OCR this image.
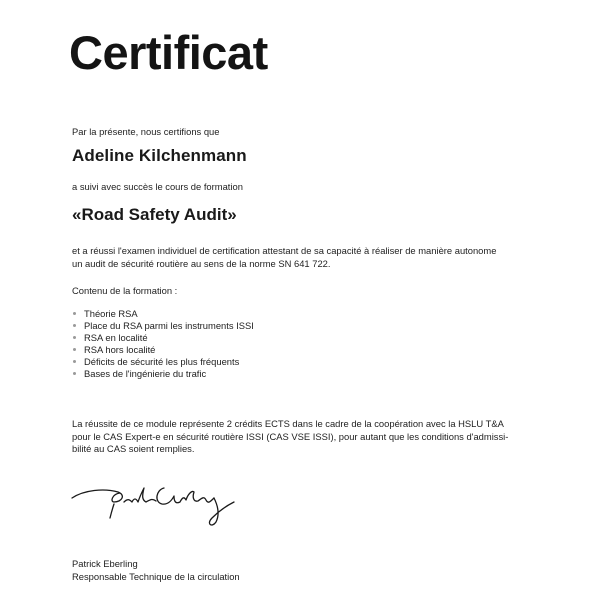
Certificat
Par la présente, nous certifions que
Adeline Kilchenmann
a suivi avec succès le cours de formation
«Road Safety Audit»
et a réussi l'examen individuel de certification attestant de sa capacité à réaliser de manière autonome
un audit de sécurité routière au sens de la norme SN 641 722.
Contenu de la formation :
Théorie RSA
Place du RSA parmi les instruments ISSI
RSA en localité
RSA hors localité
Déficits de sécurité les plus fréquents
Bases de l'ingénierie du trafic
La réussite de ce module représente 2 crédits ECTS dans le cadre de la coopération avec la HSLU T&A
pour le CAS Expert-e en sécurité routière ISSI (CAS VSE ISSI), pour autant que les conditions d'admissi-
bilité au CAS soient remplies.
Patrick Eberling
Responsable Technique de la circulation
